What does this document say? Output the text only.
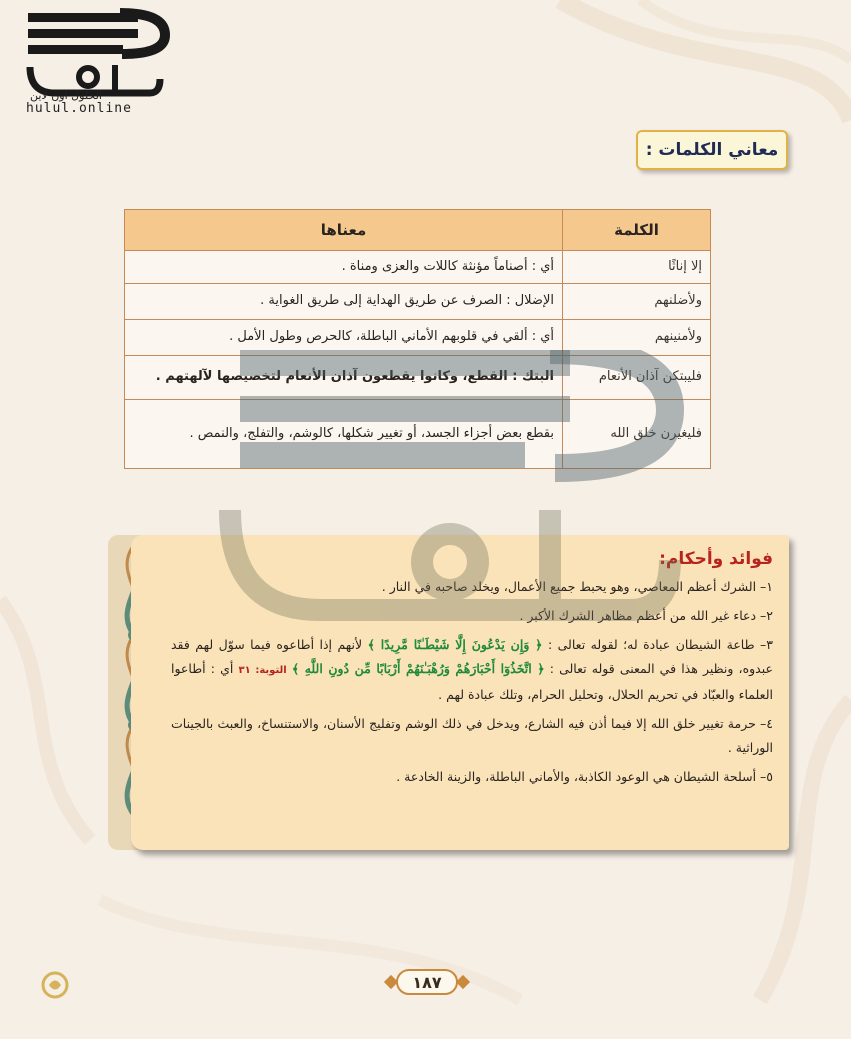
الحلول اون لاين
hulul.online
معاني الكلمات :
الكلمة	معناها
إلا إناثًا	أي : أصناماً مؤنثة كاللات والعزى ومناة .
ولأضلنهم	الإضلال : الصرف عن طريق الهداية إلى طريق الغواية .
ولأمنينهم	أي : ألقي في قلوبهم الأماني الباطلة، كالحرص وطول الأمل .
فليبتكن آذان الأنعام	البتك : القطع، وكانوا يقطعون آذان الأنعام لتخصيصها لآلهتهم .
فليغيرن خلق الله	بقطع بعض أجزاء الجسد، أو تغيير شكلها، كالوشم، والتفلج، والنمص .
فوائد وأحكام:

١– الشرك أعظم المعاصي، وهو يحبط جميع الأعمال، ويخلد صاحبه في النار .

٢– دعاء غير الله من أعظم مظاهر الشرك الأكبر .

٣– طاعة الشيطان عبادة له؛ لقوله تعالى : ﴿ وَإِن يَدْعُونَ إِلَّا شَيْطَـٰنًا مَّرِيدًا ﴾ لأنهم إذا أطاعوه فيما سوّل لهم فقد عبدوه، ونظير هذا في المعنى قوله تعالى : ﴿ اتَّخَذُوٓا أَحْبَارَهُمْ وَرُهْبَـٰنَهُمْ أَرْبَابًا مِّن دُونِ اللَّهِ ﴾ التوبة: ٣١ أي : أطاعوا العلماء والعبّاد في تحريم الحلال، وتحليل الحرام، وتلك عبادة لهم .

٤– حرمة تغيير خلق الله إلا فيما أذن فيه الشارع، ويدخل في ذلك الوشم وتفليج الأسنان، والاستنساخ، والعبث بالجينات الوراثية .

٥– أسلحة الشيطان هي الوعود الكاذبة، والأماني الباطلة، والزينة الخادعة .

١٨٧
